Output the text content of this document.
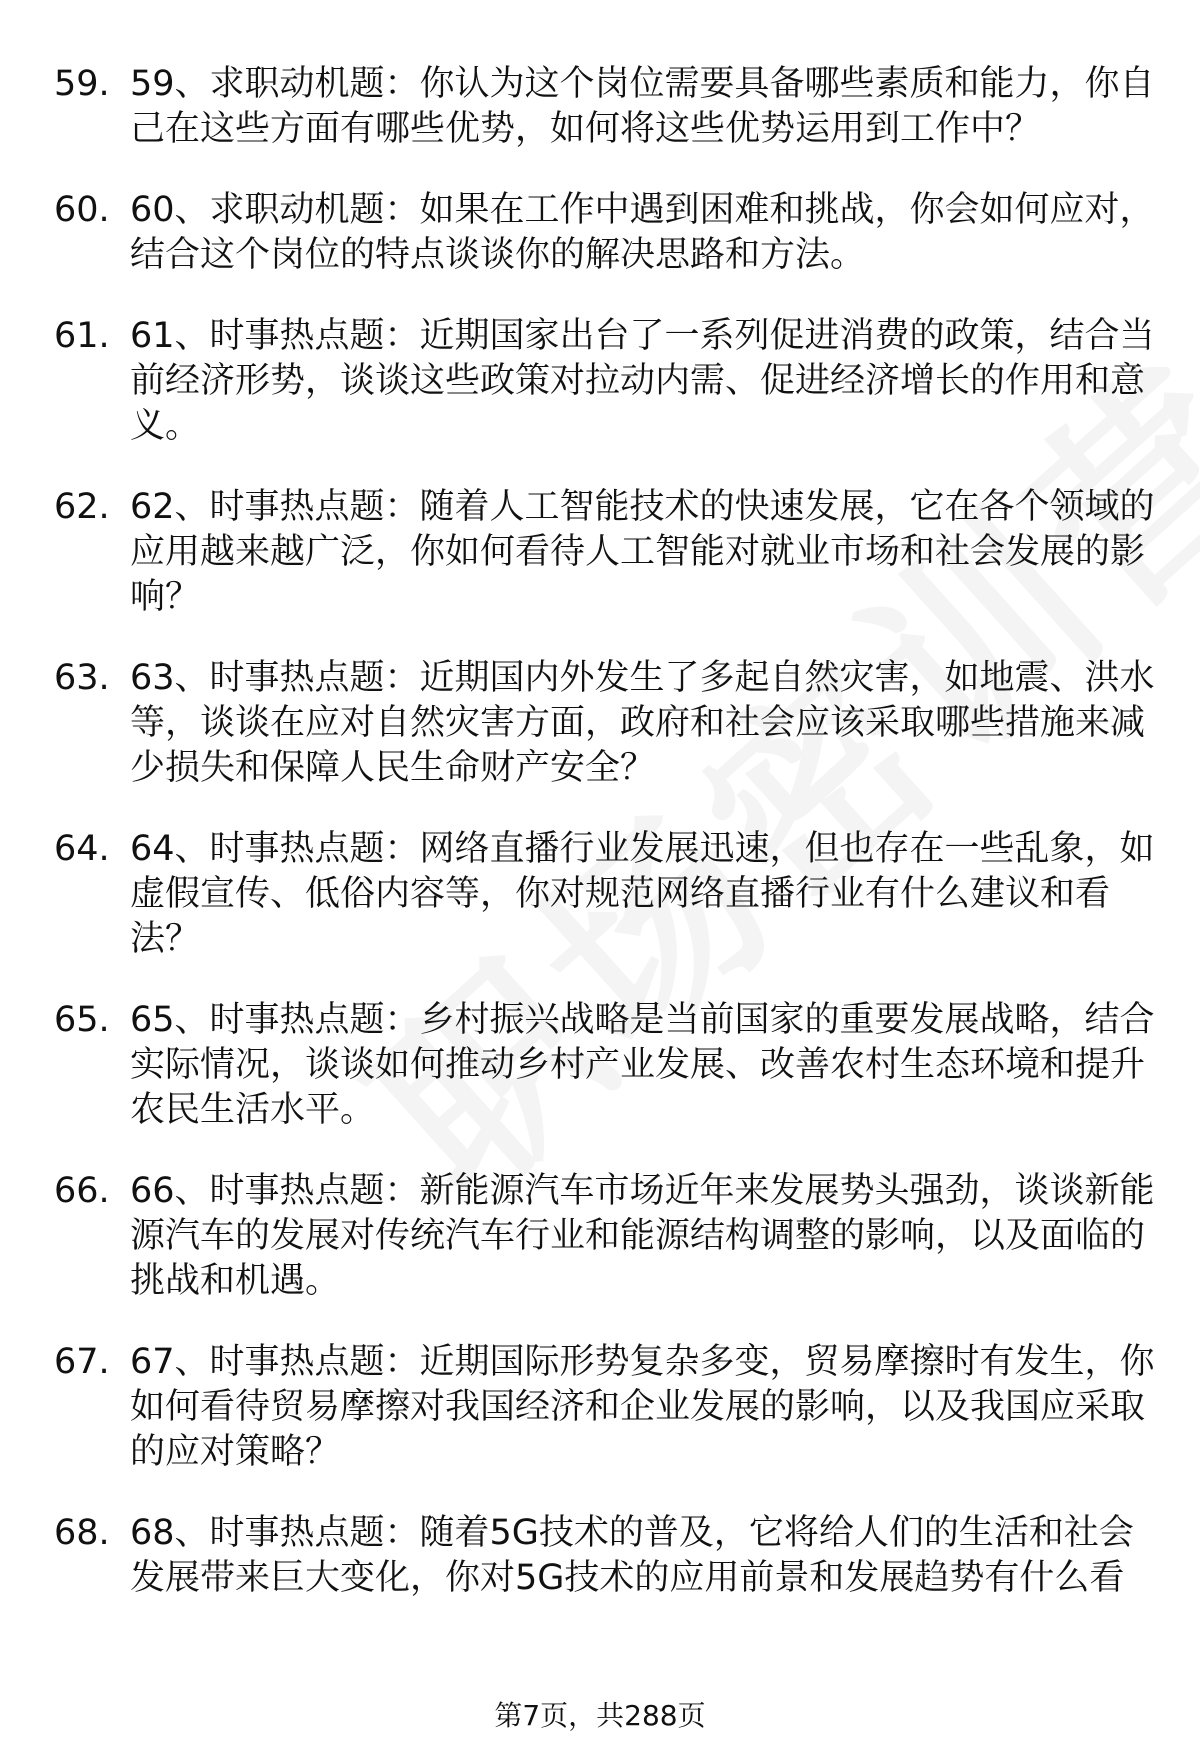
59. 59、求职动机题：你认为这个岗位需要具备哪些素质和能力，你自己在这些方面有哪些优势，如何将这些优势运用到工作中？
60. 60、求职动机题：如果在工作中遇到困难和挑战，你会如何应对，结合这个岗位的特点谈谈你的解决思路和方法。
61. 61、时事热点题：近期国家出台了一系列促进消费的政策，结合当前经济形势，谈谈这些政策对拉动内需、促进经济增长的作用和意义。
62. 62、时事热点题：随着人工智能技术的快速发展，它在各个领域的应用越来越广泛，你如何看待人工智能对就业市场和社会发展的影响？
63. 63、时事热点题：近期国内外发生了多起自然灾害，如地震、洪水等，谈谈在应对自然灾害方面，政府和社会应该采取哪些措施来减少损失和保障人民生命财产安全？
64. 64、时事热点题：网络直播行业发展迅速，但也存在一些乱象，如虚假宣传、低俗内容等，你对规范网络直播行业有什么建议和看法？
65. 65、时事热点题：乡村振兴战略是当前国家的重要发展战略，结合实际情况，谈谈如何推动乡村产业发展、改善农村生态环境和提升农民生活水平。
66. 66、时事热点题：新能源汽车市场近年来发展势头强劲，谈谈新能源汽车的发展对传统汽车行业和能源结构调整的影响，以及面临的挑战和机遇。
67. 67、时事热点题：近期国际形势复杂多变，贸易摩擦时有发生，你如何看待贸易摩擦对我国经济和企业发展的影响，以及我国应采取的应对策略？
68. 68、时事热点题：随着5G技术的普及，它将给人们的生活和社会发展带来巨大变化，你对5G技术的应用前景和发展趋势有什么看
第7页，共288页
